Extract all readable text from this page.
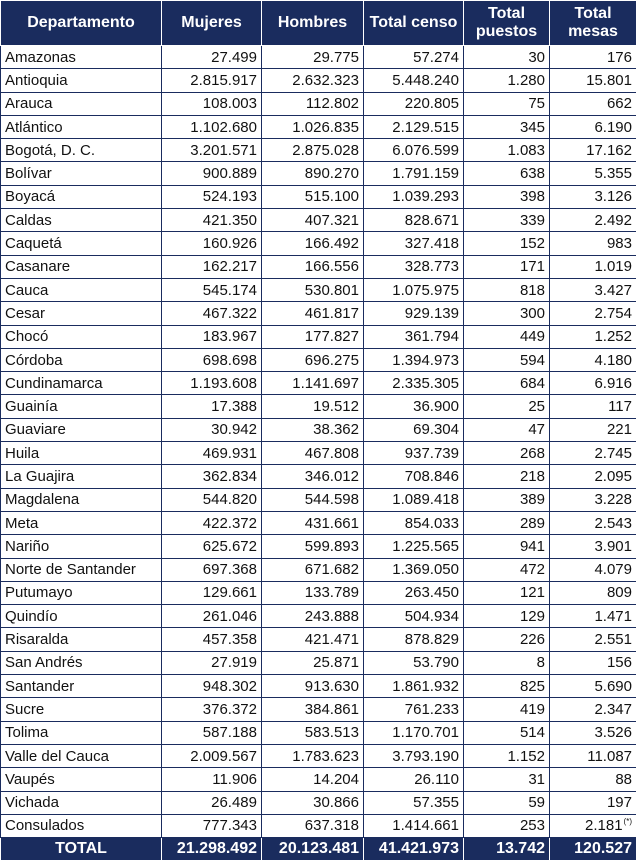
Departamento	Mujeres	Hombres	Total censo	Total puestos	Total mesas
Amazonas	27.499	29.775	57.274	30	176
Antioquia	2.815.917	2.632.323	5.448.240	1.280	15.801
Arauca	108.003	112.802	220.805	75	662
Atlántico	1.102.680	1.026.835	2.129.515	345	6.190
Bogotá, D. C.	3.201.571	2.875.028	6.076.599	1.083	17.162
Bolívar	900.889	890.270	1.791.159	638	5.355
Boyacá	524.193	515.100	1.039.293	398	3.126
Caldas	421.350	407.321	828.671	339	2.492
Caquetá	160.926	166.492	327.418	152	983
Casanare	162.217	166.556	328.773	171	1.019
Cauca	545.174	530.801	1.075.975	818	3.427
Cesar	467.322	461.817	929.139	300	2.754
Chocó	183.967	177.827	361.794	449	1.252
Córdoba	698.698	696.275	1.394.973	594	4.180
Cundinamarca	1.193.608	1.141.697	2.335.305	684	6.916
Guainía	17.388	19.512	36.900	25	117
Guaviare	30.942	38.362	69.304	47	221
Huila	469.931	467.808	937.739	268	2.745
La Guajira	362.834	346.012	708.846	218	2.095
Magdalena	544.820	544.598	1.089.418	389	3.228
Meta	422.372	431.661	854.033	289	2.543
Nariño	625.672	599.893	1.225.565	941	3.901
Norte de Santander	697.368	671.682	1.369.050	472	4.079
Putumayo	129.661	133.789	263.450	121	809
Quindío	261.046	243.888	504.934	129	1.471
Risaralda	457.358	421.471	878.829	226	2.551
San Andrés	27.919	25.871	53.790	8	156
Santander	948.302	913.630	1.861.932	825	5.690
Sucre	376.372	384.861	761.233	419	2.347
Tolima	587.188	583.513	1.170.701	514	3.526
Valle del Cauca	2.009.567	1.783.623	3.793.190	1.152	11.087
Vaupés	11.906	14.204	26.110	31	88
Vichada	26.489	30.866	57.355	59	197
Consulados	777.343	637.318	1.414.661	253	2.181(*)
TOTAL	21.298.492	20.123.481	41.421.973	13.742	120.527
